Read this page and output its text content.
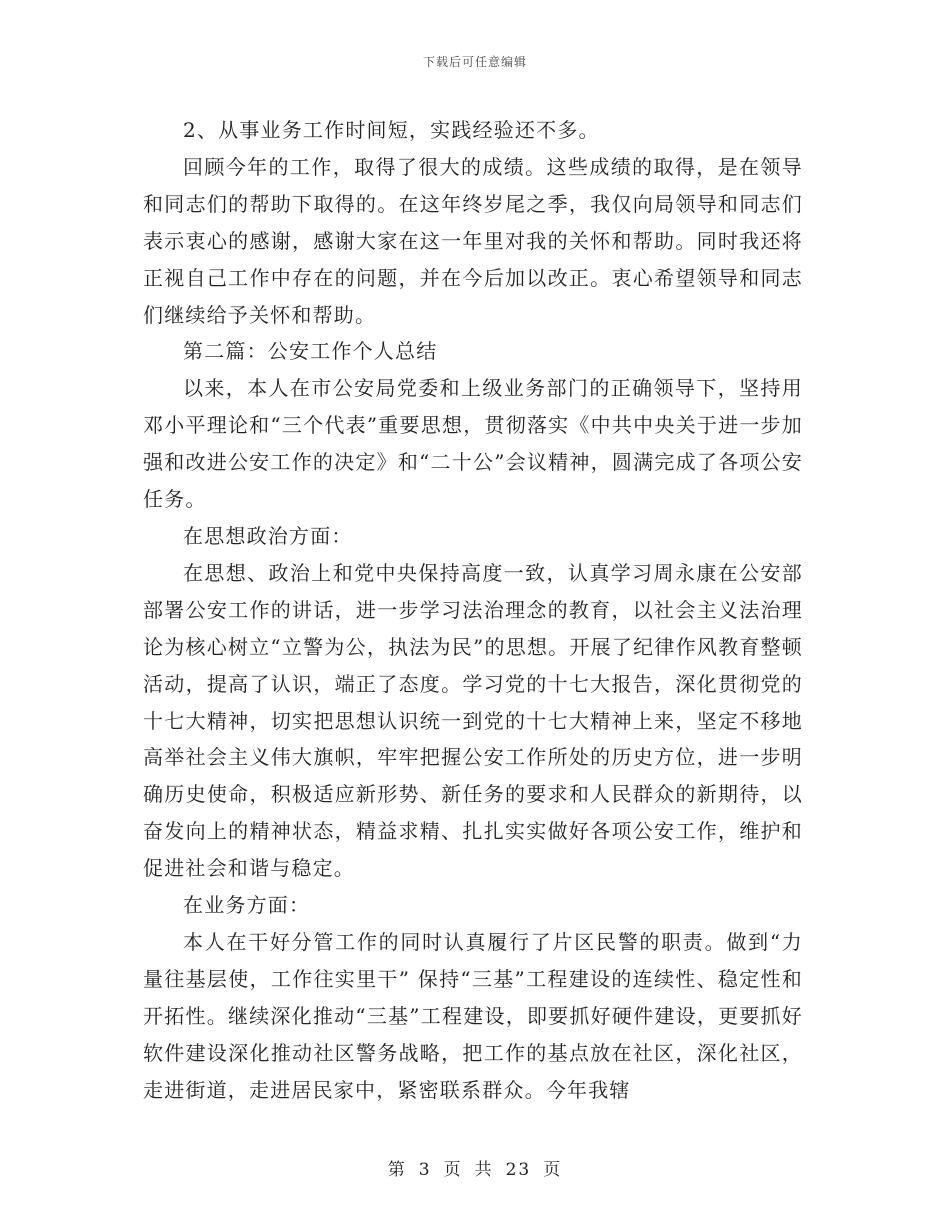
下载后可任意编辑

2、从事业务工作时间短，实践经验还不多。

回顾今年的工作，取得了很大的成绩。这些成绩的取得，是在领导和同志们的帮助下取得的。在这年终岁尾之季，我仅向局领导和同志们表示衷心的感谢，感谢大家在这一年里对我的关怀和帮助。同时我还将正视自己工作中存在的问题，并在今后加以改正。衷心希望领导和同志们继续给予关怀和帮助。

第二篇：公安工作个人总结

以来，本人在市公安局党委和上级业务部门的正确领导下，坚持用邓小平理论和“三个代表”重要思想，贯彻落实《中共中央关于进一步加强和改进公安工作的决定》和“二十公”会议精神，圆满完成了各项公安任务。

在思想政治方面：

在思想、政治上和党中央保持高度一致，认真学习周永康在公安部部署公安工作的讲话，进一步学习法治理念的教育，以社会主义法治理论为核心树立“立警为公，执法为民”的思想。开展了纪律作风教育整顿活动，提高了认识，端正了态度。学习党的十七大报告，深化贯彻党的十七大精神，切实把思想认识统一到党的十七大精神上来，坚定不移地高举社会主义伟大旗帜，牢牢把握公安工作所处的历史方位，进一步明确历史使命，积极适应新形势、新任务的要求和人民群众的新期待，以奋发向上的精神状态，精益求精、扎扎实实做好各项公安工作，维护和促进社会和谐与稳定。

在业务方面：

本人在干好分管工作的同时认真履行了片区民警的职责。做到“力量往基层使，工作往实里干” 保持“三基”工程建设的连续性、稳定性和开拓性。继续深化推动“三基”工程建设，即要抓好硬件建设，更要抓好软件建设深化推动社区警务战略，把工作的基点放在社区，深化社区，走进街道，走进居民家中，紧密联系群众。今年我辖

第 3 页 共 23 页
